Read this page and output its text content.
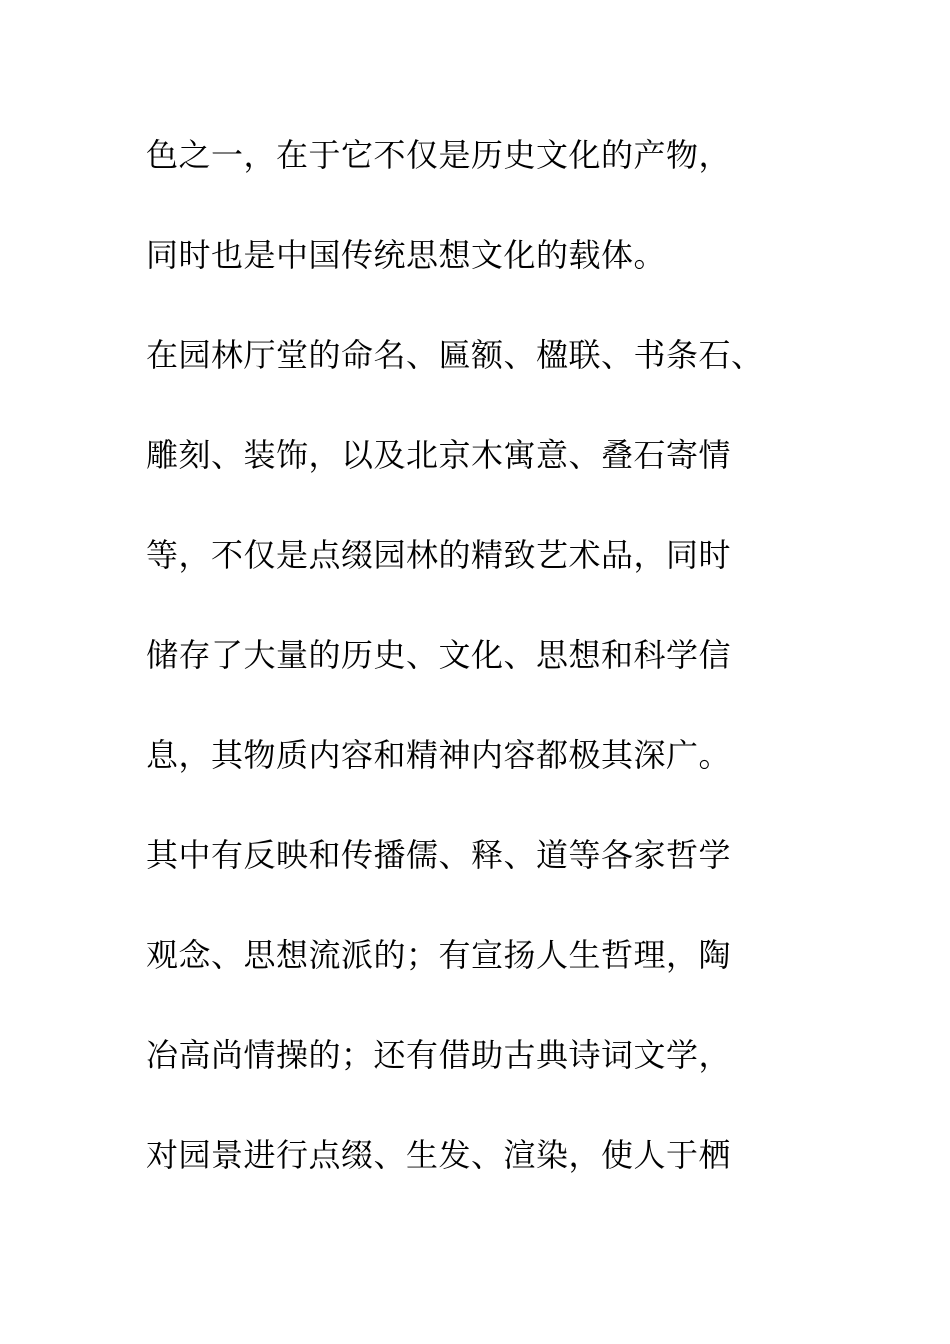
色之一，在于它不仅是历史文化的产物，
同时也是中国传统思想文化的载体。
在园林厅堂的命名、匾额、楹联、书条石、
雕刻、装饰，以及北京木寓意、叠石寄情
等，不仅是点缀园林的精致艺术品，同时
储存了大量的历史、文化、思想和科学信
息，其物质内容和精神内容都极其深广。
其中有反映和传播儒、释、道等各家哲学
观念、思想流派的；有宣扬人生哲理，陶
冶高尚情操的；还有借助古典诗词文学，
对园景进行点缀、生发、渲染，使人于栖
